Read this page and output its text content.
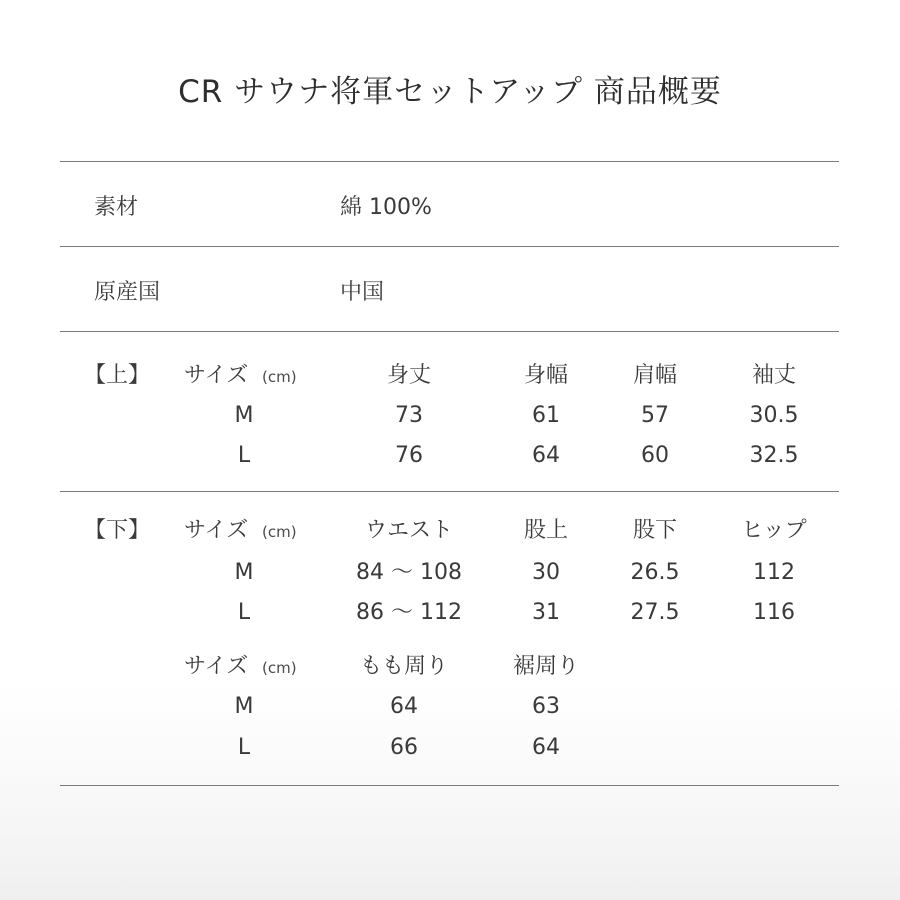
CR サウナ将軍セットアップ 商品概要
素材	綿 100%
原産国	中国
【上】 サイズ (cm)	身丈	身幅	肩幅	袖丈
M	73	61	57	30.5
L	76	64	60	32.5
【下】 サイズ (cm)	ウエスト	股上	股下	ヒップ
M	84 〜 108	30	26.5	112
L	86 〜 112	31	27.5	116
サイズ (cm)	もも周り	裾周り
M	64	63
L	66	64
